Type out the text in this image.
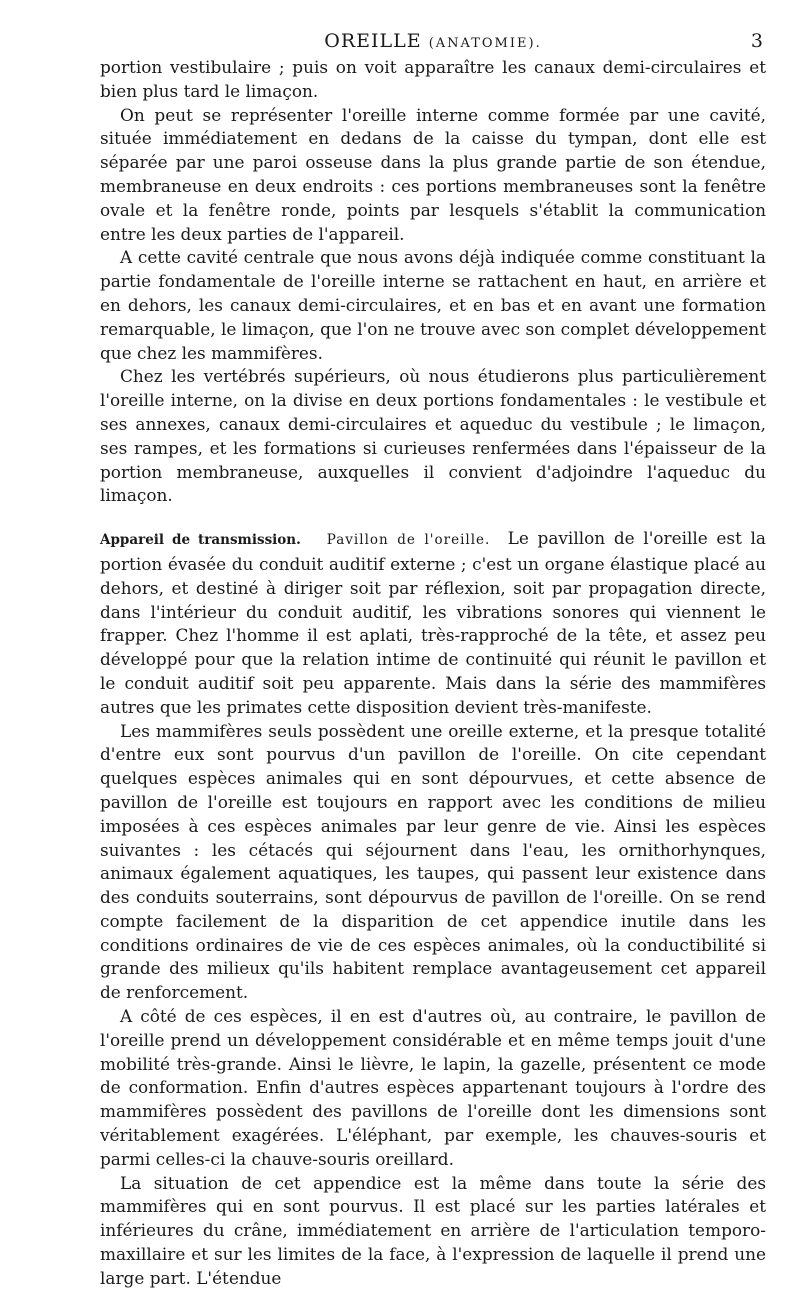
OREILLE (ANATOMIE).	3

portion vestibulaire ; puis on voit apparaître les canaux demi-circulaires et bien plus tard le limaçon.

On peut se représenter l'oreille interne comme formée par une cavité, située immédiatement en dedans de la caisse du tympan, dont elle est séparée par une paroi osseuse dans la plus grande partie de son étendue, membraneuse en deux endroits : ces portions membraneuses sont la fenêtre ovale et la fenêtre ronde, points par lesquels s'établit la communication entre les deux parties de l'appareil.

A cette cavité centrale que nous avons déjà indiquée comme constituant la partie fondamentale de l'oreille interne se rattachent en haut, en arrière et en dehors, les canaux demi-circulaires, et en bas et en avant une formation remarquable, le limaçon, que l'on ne trouve avec son complet développement que chez les mammifères.

Chez les vertébrés supérieurs, où nous étudierons plus particulièrement l'oreille interne, on la divise en deux portions fondamentales : le vestibule et ses annexes, canaux demi-circulaires et aqueduc du vestibule ; le limaçon, ses rampes, et les formations si curieuses renfermées dans l'épaisseur de la portion membraneuse, auxquelles il convient d'adjoindre l'aqueduc du limaçon.

Appareil de transmission. Pavillon de l'oreille. Le pavillon de l'oreille est la portion évasée du conduit auditif externe ; c'est un organe élastique placé au dehors, et destiné à diriger soit par réflexion, soit par propagation directe, dans l'intérieur du conduit auditif, les vibrations sonores qui viennent le frapper. Chez l'homme il est aplati, très-rapproché de la tête, et assez peu développé pour que la relation intime de continuité qui réunit le pavillon et le conduit auditif soit peu apparente. Mais dans la série des mammifères autres que les primates cette disposition devient très-manifeste.

Les mammifères seuls possèdent une oreille externe, et la presque totalité d'entre eux sont pourvus d'un pavillon de l'oreille. On cite cependant quelques espèces animales qui en sont dépourvues, et cette absence de pavillon de l'oreille est toujours en rapport avec les conditions de milieu imposées à ces espèces animales par leur genre de vie. Ainsi les espèces suivantes : les cétacés qui séjournent dans l'eau, les ornithorhynques, animaux également aquatiques, les taupes, qui passent leur existence dans des conduits souterrains, sont dépourvus de pavillon de l'oreille. On se rend compte facilement de la disparition de cet appendice inutile dans les conditions ordinaires de vie de ces espèces animales, où la conductibilité si grande des milieux qu'ils habitent remplace avantageusement cet appareil de renforcement.

A côté de ces espèces, il en est d'autres où, au contraire, le pavillon de l'oreille prend un développement considérable et en même temps jouit d'une mobilité très-grande. Ainsi le lièvre, le lapin, la gazelle, présentent ce mode de conformation. Enfin d'autres espèces appartenant toujours à l'ordre des mammifères possèdent des pavillons de l'oreille dont les dimensions sont véritablement exagérées. L'éléphant, par exemple, les chauves-souris et parmi celles-ci la chauve-souris oreillard.

La situation de cet appendice est la même dans toute la série des mammifères qui en sont pourvus. Il est placé sur les parties latérales et inférieures du crâne, immédiatement en arrière de l'articulation temporo-maxillaire et sur les limites de la face, à l'expression de laquelle il prend une large part. L'étendue
